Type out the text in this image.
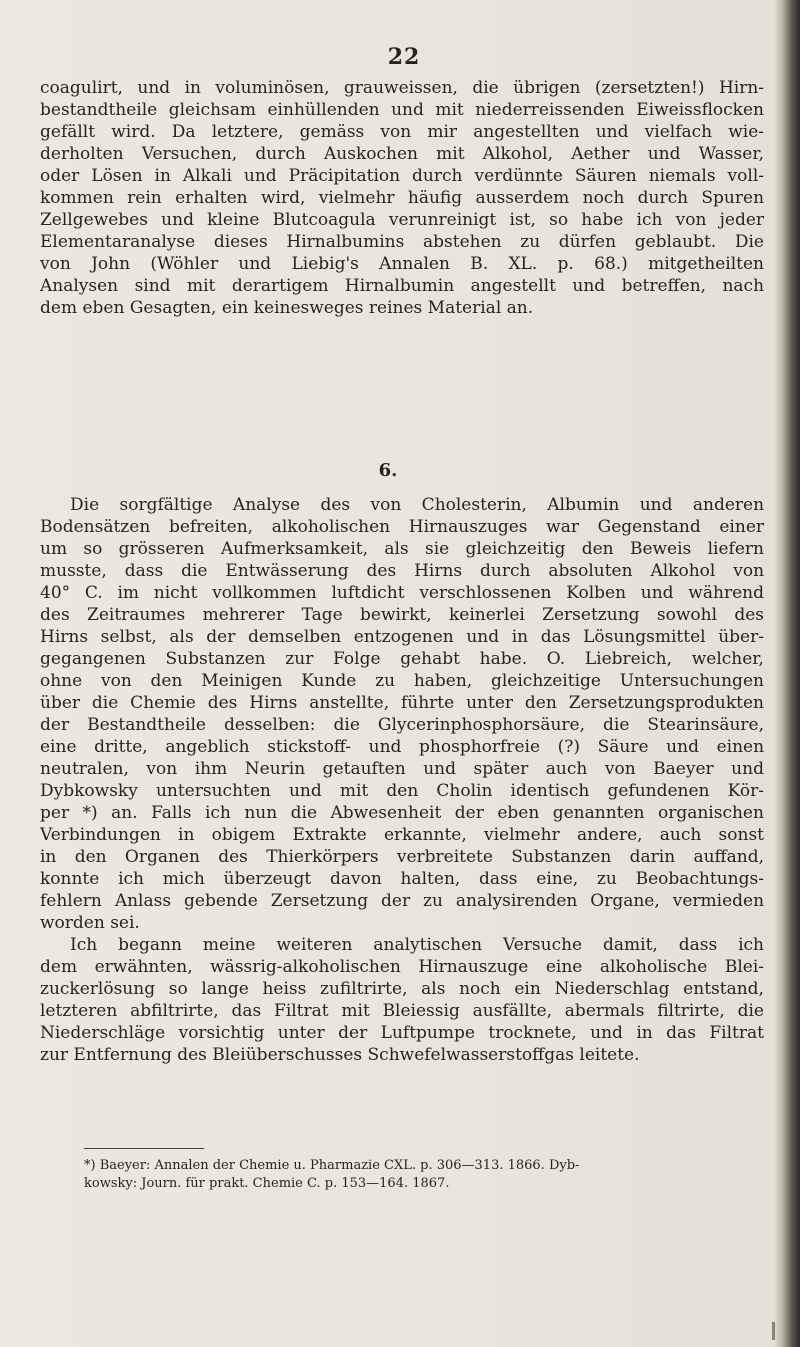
22
coagulirt, und in voluminösen, grauweissen, die übrigen (zersetzten!) Hirn-
bestandtheile gleichsam einhüllenden und mit niederreissenden Eiweissflocken
gefällt wird. Da letztere, gemäss von mir angestellten und vielfach wie-
derholten Versuchen, durch Auskochen mit Alkohol, Aether und Wasser,
oder Lösen in Alkali und Präcipitation durch verdünnte Säuren niemals voll-
kommen rein erhalten wird, vielmehr häufig ausserdem noch durch Spuren
Zellgewebes und kleine Blutcoagula verunreinigt ist, so habe ich von jeder
Elementaranalyse dieses Hirnalbumins abstehen zu dürfen geblaubt. Die
von John (Wöhler und Liebig's Annalen B. XL. p. 68.) mitgetheilten
Analysen sind mit derartigem Hirnalbumin angestellt und betreffen, nach
dem eben Gesagten, ein keinesweges reines Material an.
6.
Die sorgfältige Analyse des von Cholesterin, Albumin und anderen
Bodensätzen befreiten, alkoholischen Hirnauszuges war Gegenstand einer
um so grösseren Aufmerksamkeit, als sie gleichzeitig den Beweis liefern
musste, dass die Entwässerung des Hirns durch absoluten Alkohol von
40° C. im nicht vollkommen luftdicht verschlossenen Kolben und während
des Zeitraumes mehrerer Tage bewirkt, keinerlei Zersetzung sowohl des
Hirns selbst, als der demselben entzogenen und in das Lösungsmittel über-
gegangenen Substanzen zur Folge gehabt habe. O. Liebreich, welcher,
ohne von den Meinigen Kunde zu haben, gleichzeitige Untersuchungen
über die Chemie des Hirns anstellte, führte unter den Zersetzungsprodukten
der Bestandtheile desselben: die Glycerinphosphorsäure, die Stearinsäure,
eine dritte, angeblich stickstoff- und phosphorfreie (?) Säure und einen
neutralen, von ihm Neurin getauften und später auch von Baeyer und
Dybkowsky untersuchten und mit den Cholin identisch gefundenen Kör-
per *) an. Falls ich nun die Abwesenheit der eben genannten organischen
Verbindungen in obigem Extrakte erkannte, vielmehr andere, auch sonst
in den Organen des Thierkörpers verbreitete Substanzen darin auffand,
konnte ich mich überzeugt davon halten, dass eine, zu Beobachtungs-
fehlern Anlass gebende Zersetzung der zu analysirenden Organe, vermieden
worden sei.
Ich begann meine weiteren analytischen Versuche damit, dass ich
dem erwähnten, wässrig-alkoholischen Hirnauszuge eine alkoholische Blei-
zuckerlösung so lange heiss zufiltrirte, als noch ein Niederschlag entstand,
letzteren abfiltrirte, das Filtrat mit Bleiessig ausfällte, abermals filtrirte, die
Niederschläge vorsichtig unter der Luftpumpe trocknete, und in das Filtrat
zur Entfernung des Bleiüberschusses Schwefelwasserstoffgas leitete.
*) Baeyer: Annalen der Chemie u. Pharmazie CXL. p. 306—313. 1866. Dyb-
kowsky: Journ. für prakt. Chemie C. p. 153—164. 1867.
